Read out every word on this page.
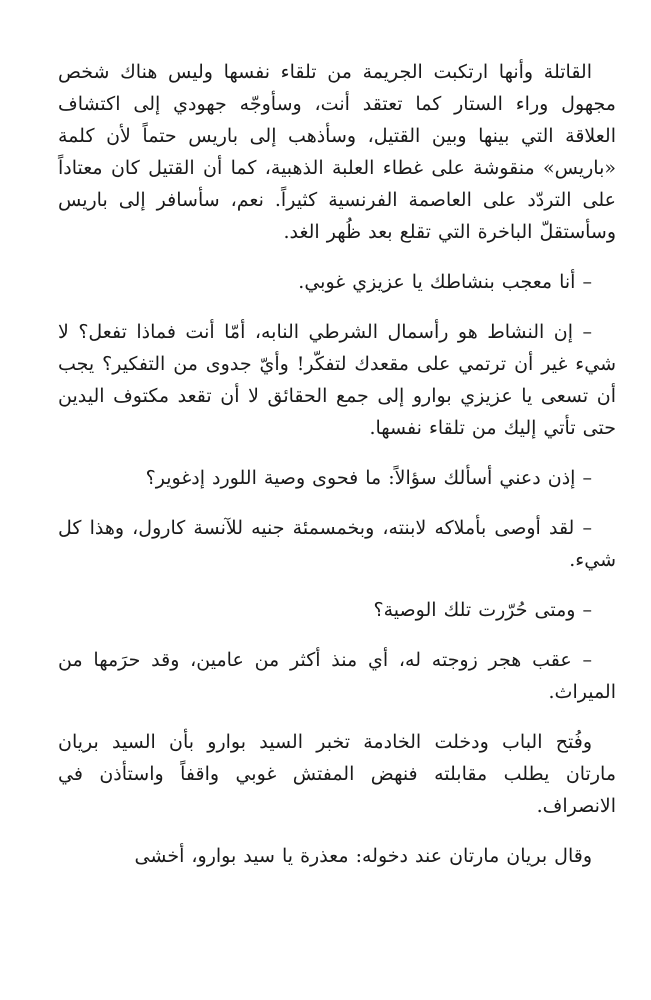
القاتلة وأنها ارتكبت الجريمة من تلقاء نفسها وليس هناك شخص مجهول وراء الستار كما تعتقد أنت، وسأوجّه جهودي إلى اكتشاف العلاقة التي بينها وبين القتيل، وسأذهب إلى باريس حتماً لأن كلمة «باريس» منقوشة على غطاء العلبة الذهبية، كما أن القتيل كان معتاداً على التردّد على العاصمة الفرنسية كثيراً. نعم، سأسافر إلى باريس وسأستقلّ الباخرة التي تقلع بعد ظُهر الغد.

– أنا معجب بنشاطك يا عزيزي غوبي.

– إن النشاط هو رأسمال الشرطي النابه، أمّا أنت فماذا تفعل؟ لا شيء غير أن ترتمي على مقعدك لتفكّر! وأيّ جدوى من التفكير؟ يجب أن تسعى يا عزيزي بوارو إلى جمع الحقائق لا أن تقعد مكتوف اليدين حتى تأتي إليك من تلقاء نفسها.

– إذن دعني أسألك سؤالاً: ما فحوى وصية اللورد إدغوير؟

– لقد أوصى بأملاكه لابنته، وبخمسمئة جنيه للآنسة كارول، وهذا كل شيء.

– ومتى حُرّرت تلك الوصية؟

– عقب هجر زوجته له، أي منذ أكثر من عامين، وقد حرَمها من الميراث.

وفُتح الباب ودخلت الخادمة تخبر السيد بوارو بأن السيد بريان مارتان يطلب مقابلته فنهض المفتش غوبي واقفاً واستأذن في الانصراف.

وقال بريان مارتان عند دخوله: معذرة يا سيد بوارو، أخشى
